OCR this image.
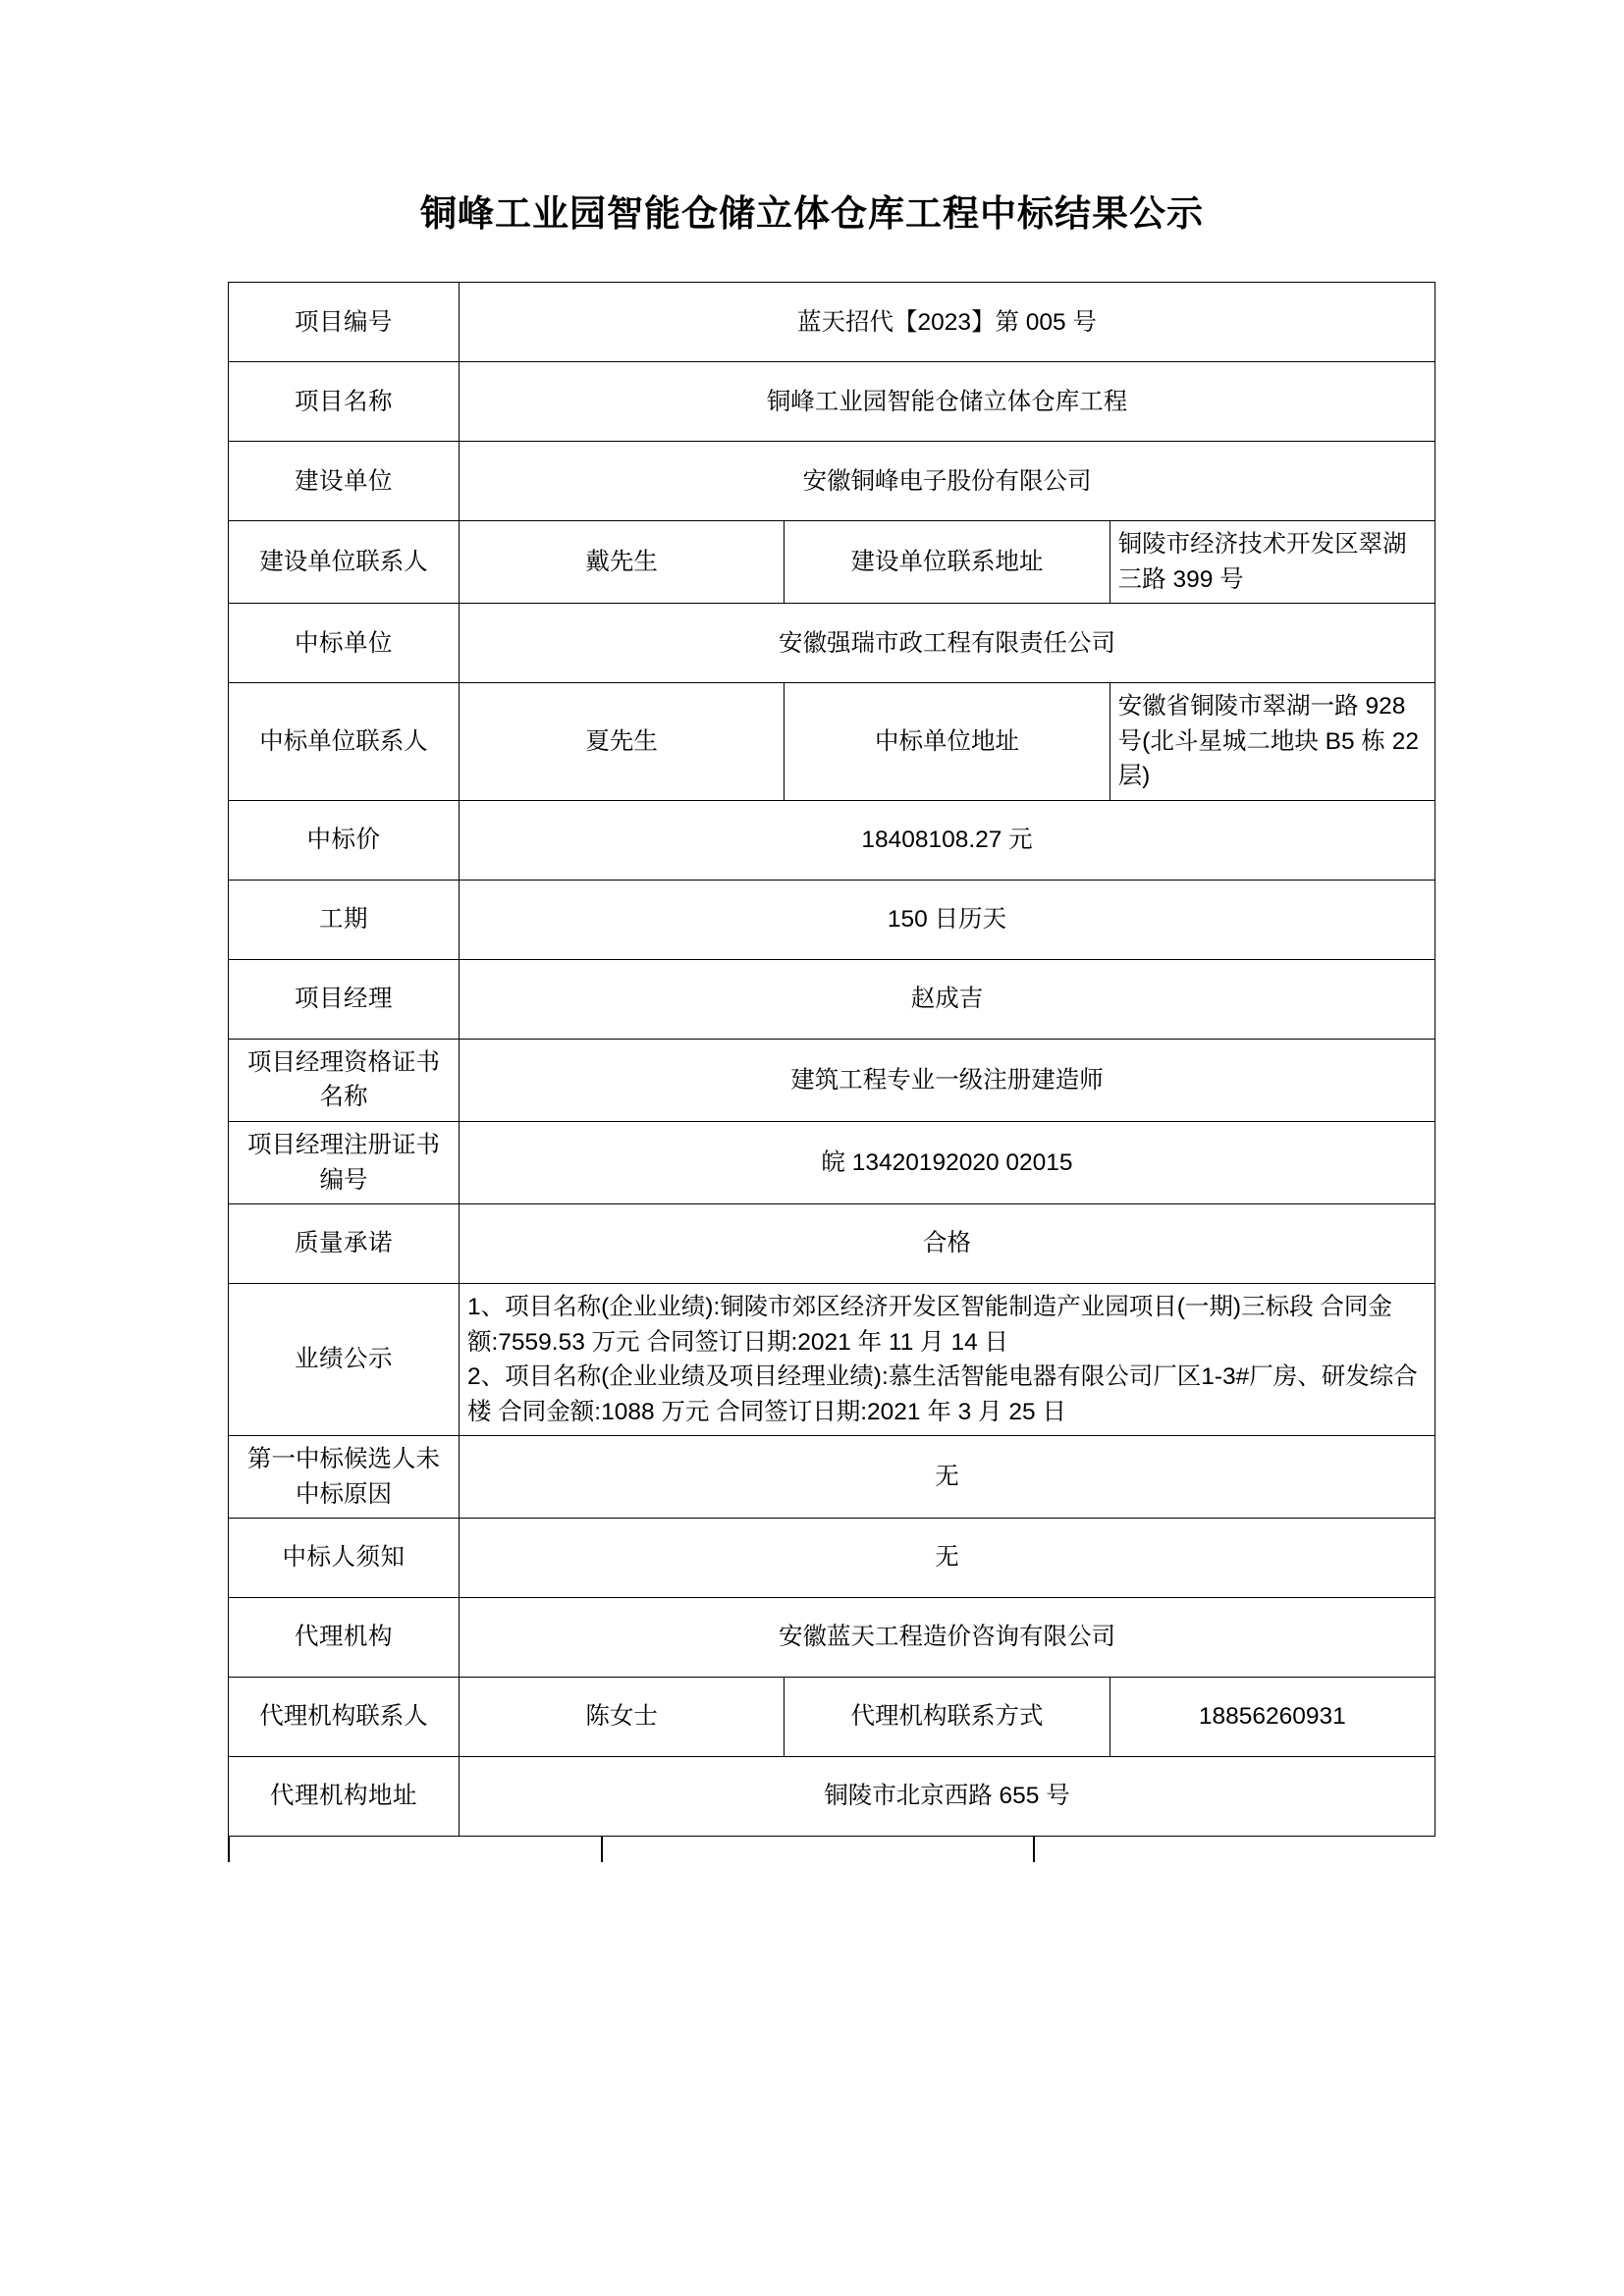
铜峰工业园智能仓储立体仓库工程中标结果公示
项目编号	蓝天招代【2023】第 005 号		
项目名称	铜峰工业园智能仓储立体仓库工程		
建设单位	安徽铜峰电子股份有限公司		
建设单位联系人	戴先生	建设单位联系地址	铜陵市经济技术开发区翠湖三路 399 号
中标单位	安徽强瑞市政工程有限责任公司		
中标单位联系人	夏先生	中标单位地址	安徽省铜陵市翠湖一路 928 号(北斗星城二地块 B5 栋 22 层)
中标价	18408108.27 元		
工期	150 日历天		
项目经理	赵成吉		
项目经理资格证书名称	建筑工程专业一级注册建造师		
项目经理注册证书编号	皖 13420192020 02015		
质量承诺	合格		
业绩公示	1、项目名称(企业业绩):铜陵市郊区经济开发区智能制造产业园项目(一期)三标段 合同金额:7559.53 万元 合同签订日期:2021 年 11 月 14 日
2、项目名称(企业业绩及项目经理业绩):慕生活智能电器有限公司厂区1-3#厂房、研发综合楼 合同金额:1088 万元 合同签订日期:2021 年 3 月 25 日		

第一中标候选人未中标原因	无		
中标人须知	无		
代理机构	安徽蓝天工程造价咨询有限公司		
代理机构联系人	陈女士	代理机构联系方式	18856260931
代理机构地址	铜陵市北京西路 655 号		
